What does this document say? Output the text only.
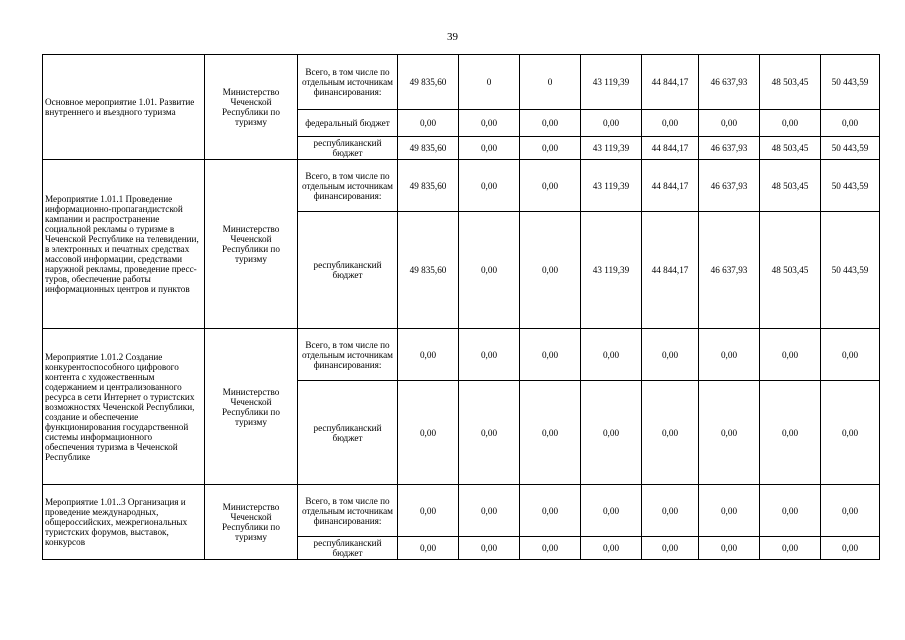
39
Основное мероприятие 1.01. Развитие внутреннего и въездного туризма	Министерство Чеченской Республики по туризму	Всего, в том числе по отдельным источникам финансирования:	49 835,60	0	0	43 119,39	44 844,17	46 637,93	48 503,45	50 443,59
		федеральный бюджет	0,00	0,00	0,00	0,00	0,00	0,00	0,00	0,00
		республиканский бюджет	49 835,60	0,00	0,00	43 119,39	44 844,17	46 637,93	48 503,45	50 443,59
Мероприятие 1.01.1 Проведение информационно-пропагандистской кампании и распространение социальной рекламы о туризме в Чеченской Республике на телевидении, в электронных и печатных средствах массовой информации, средствами наружной рекламы, проведение пресс-туров, обеспечение работы информационных центров и пунктов	Министерство Чеченской Республики по туризму	Всего, в том числе по отдельным источникам финансирования:	49 835,60	0,00	0,00	43 119,39	44 844,17	46 637,93	48 503,45	50 443,59
		республиканский бюджет	49 835,60	0,00	0,00	43 119,39	44 844,17	46 637,93	48 503,45	50 443,59
Мероприятие 1.01.2 Создание конкурентоспособного цифрового контента с художественным содержанием и централизованного ресурса в сети Интернет о туристских возможностях Чеченской Республики, создание и обеспечение функционирования государственной системы информационного обеспечения туризма в Чеченской Республике	Министерство Чеченской Республики по туризму	Всего, в том числе по отдельным источникам финансирования:	0,00	0,00	0,00	0,00	0,00	0,00	0,00	0,00
		республиканский бюджет	0,00	0,00	0,00	0,00	0,00	0,00	0,00	0,00
Мероприятие 1.01..3 Организация и проведение международных, общероссийских, межрегиональных туристских форумов, выставок, конкурсов	Министерство Чеченской Республики по туризму	Всего, в том числе по отдельным источникам финансирования:	0,00	0,00	0,00	0,00	0,00	0,00	0,00	0,00
		республиканский бюджет	0,00	0,00	0,00	0,00	0,00	0,00	0,00	0,00
